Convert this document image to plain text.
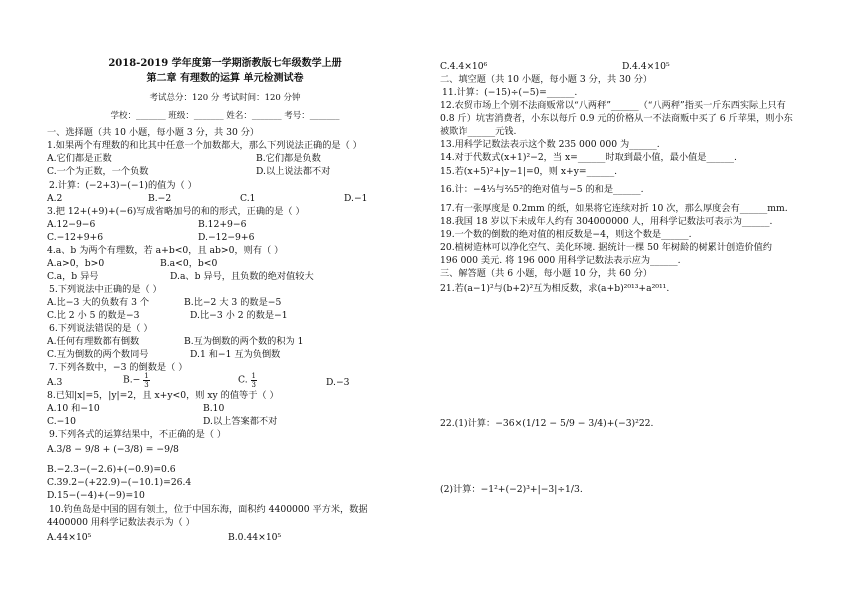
2018-2019 学年度第一学期浙教版七年级数学上册
第二章 有理数的运算 单元检测试卷
考试总分：120 分 考试时间：120 分钟
学校：_______ 班级：_______ 姓名：_______ 考号：_______
一、选择题（共 10 小题，每小题 3 分，共 30 分）
1.如果两个有理数的和比其中任意一个加数都大，那么下列说法正确的是（ ）
A.它们都是正数	B.它们都是负数
C.一个为正数，一个负数	D.以上说法都不对
2.计算：(−2+3)−(−1)的值为（ ）
A.2	B.−2	C.1	D.−1
3.把 12+(+9)+(−6)写成省略加号的和的形式，正确的是（ ）
A.12−9−6	B.12+9−6
C.−12+9+6	D.−12−9+6
4.a、b 为两个有理数，若 a+b<0，且 ab>0，则有（ ）
A.a>0，b>0	B.a<0，b<0
C.a，b 异号	D.a、b 异号，且负数的绝对值较大
5.下列说法中正确的是（ ）
A.比−3 大的负数有 3 个	B.比−2 大 3 的数是−5
C.比 2 小 5 的数是−3	D.比−3 小 2 的数是−1
6.下列说法错误的是（ ）
A.任何有理数都有倒数	B.互为倒数的两个数的积为 1
C.互为倒数的两个数同号	D.1 和−1 互为负倒数
7.下列各数中，−3 的倒数是（ ）
A.3	$B.- \frac{1}{3}$	C. $\frac{1}{3}$	D.−3
8.已知|x|=5，|y|=2，且 x+y<0，则 xy 的值等于（ ）
A.10 和−10	B.10
C.−10	D.以上答案都不对
9.下列各式的运算结果中，不正确的是（ ）
A.3/8 − 9/8 + (−3/8) = −9/8
B.−2.3−(−2.6)+(−0.9)=0.6
C.39.2−(+22.9)−(−10.1)=26.4
D.15−(−4)+(−9)=10
10.钓鱼岛是中国的固有领土，位于中国东海，面积约 4400000 平方米，数据
4400000 用科学记数法表示为（ ）
A.44×10⁵	B.0.44×10⁵
C.4.4×10⁶	D.4.4×10⁵
二、填空题（共 10 小题，每小题 3 分，共 30 分）
11.计算：(−15)÷(−5)=______.
12.农贸市场上个别不法商贩常以“八两秤”______（“八两秤”指买一斤东西实际上只有
0.8 斤）坑害消费者，小东以每斤 0.9 元的价格从一不法商贩中买了 6 斤苹果，则小东
被欺诈______元钱.
13.用科学记数法表示这个数 235 000 000 为______.
14.对于代数式(x+1)²−2，当 x=______时取到最小值，最小值是______.
15.若(x+5)²+|y−1|=0，则 x+y=______.
16.计：−4⅓与⅔5²的绝对值与−5 的和是______.
17.有一张厚度是 0.2mm 的纸，如果将它连续对折 10 次，那么厚度会有______mm.
18.我国 18 岁以下未成年人约有 304000000 人，用科学记数法可表示为______.
19.一个数的倒数的绝对值的相反数是−4，则这个数是______.
20.植树造林可以净化空气、美化环境. 据统计一棵 50 年树龄的树累计创造价值约
196 000 美元. 将 196 000 用科学记数法表示应为______.
三、解答题（共 6 小题，每小题 10 分，共 60 分）
21.若(a−1)²与(b+2)²互为相反数，求(a+b)²⁰¹³+a²⁰¹¹.
22.(1)计算：−36×(1/12 − 5/9 − 3/4)+(−3)²22.
(2)计算：−1²+(−2)³+|−3|÷1/3.
